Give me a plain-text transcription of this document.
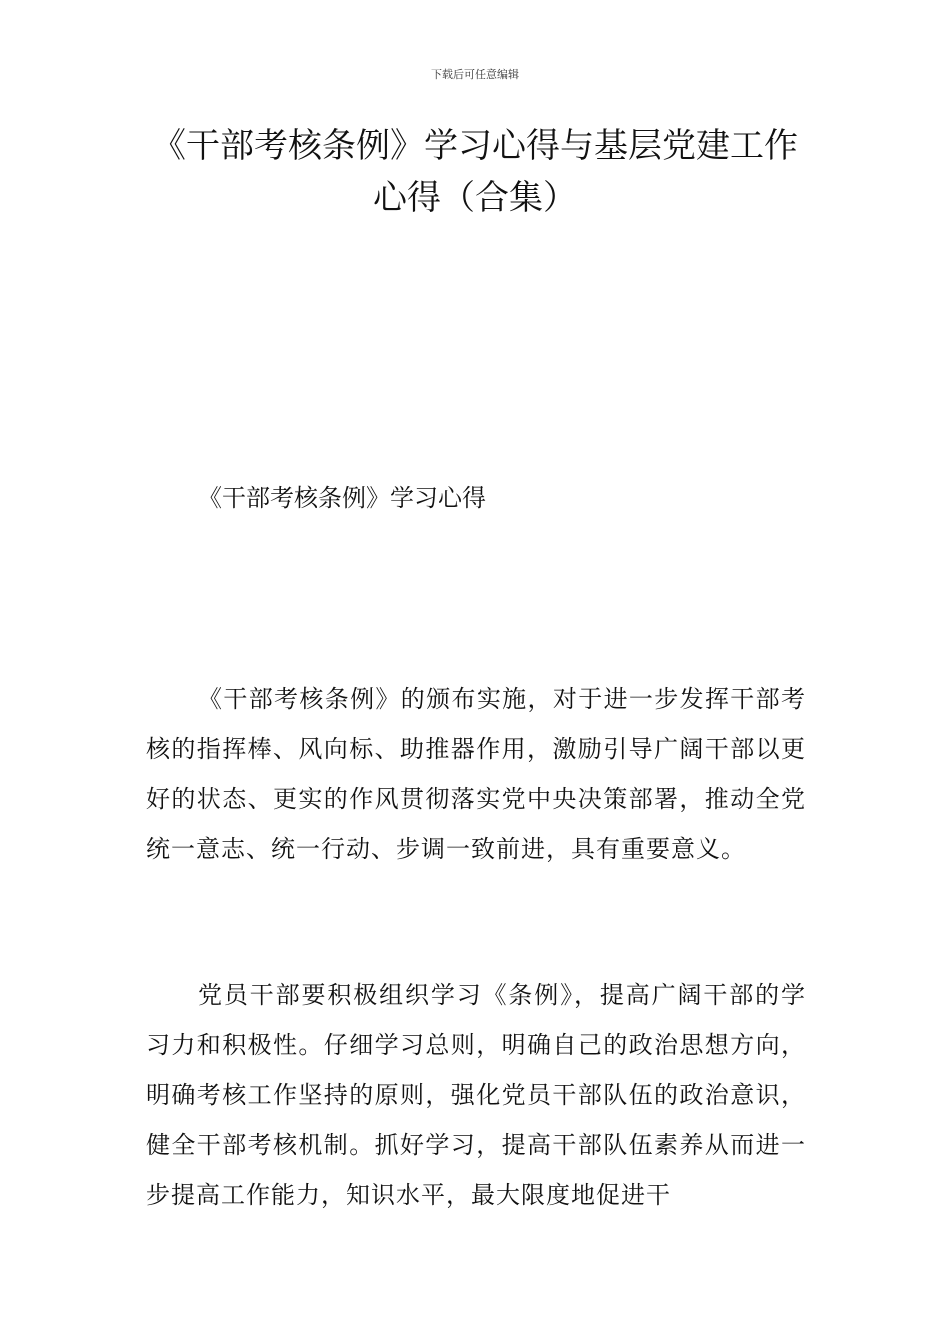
下载后可任意编辑
《干部考核条例》学习心得与基层党建工作心得（合集）
《干部考核条例》学习心得

《干部考核条例》的颁布实施，对于进一步发挥干部考核的指挥棒、风向标、助推器作用，激励引导广阔干部以更好的状态、更实的作风贯彻落实党中央决策部署，推动全党统一意志、统一行动、步调一致前进，具有重要意义。

党员干部要积极组织学习《条例》，提高广阔干部的学习力和积极性。仔细学习总则，明确自己的政治思想方向，明确考核工作坚持的原则，强化党员干部队伍的政治意识，健全干部考核机制。抓好学习，提高干部队伍素养从而进一步提高工作能力，知识水平，最大限度地促进干
